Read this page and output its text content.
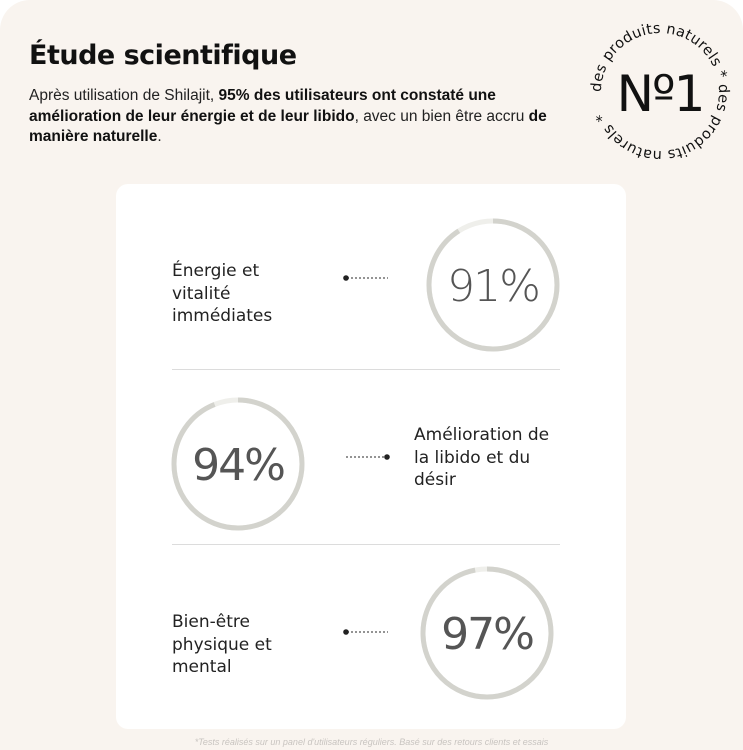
Étude scientifique

Après utilisation de Shilajit, 95% des utilisateurs ont constaté une amélioration de leur énergie et de leur libido, avec un bien être accru de manière naturelle.

des produits naturels * des produits naturels * Nº1
Énergie et
vitalité
immédiates
91%
94%
Amélioration de
la libido et du
désir
Bien-être
physique et
mental
97%
*Tests réalisés sur un panel d'utilisateurs réguliers. Basé sur des retours clients et essais
